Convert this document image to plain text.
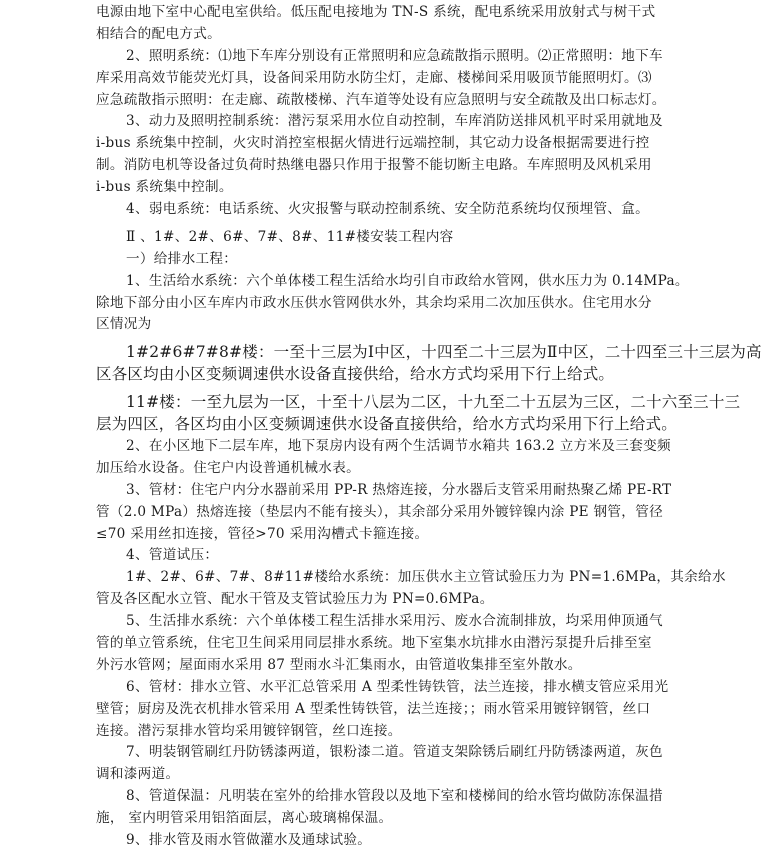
电源由地下室中心配电室供给。低压配电接地为 TN-S 系统，配电系统采用放射式与树干式

相结合的配电方式。

2、照明系统：⑴地下车库分别设有正常照明和应急疏散指示照明。⑵正常照明：地下车

库采用高效节能荧光灯具，设备间采用防水防尘灯，走廊、楼梯间采用吸顶节能照明灯。⑶

应急疏散指示照明：在走廊、疏散楼梯、汽车道等处设有应急照明与安全疏散及出口标志灯。

3、动力及照明控制系统：潜污泵采用水位自动控制，车库消防送排风机平时采用就地及

i-bus 系统集中控制，火灾时消控室根据火情进行远端控制，其它动力设备根据需要进行控

制。消防电机等设备过负荷时热继电器只作用于报警不能切断主电路。车库照明及风机采用

i-bus 系统集中控制。

4、弱电系统：电话系统、火灾报警与联动控制系统、安全防范系统均仅预埋管、盒。

Ⅱ 、1#、2#、6#、7#、8#、11#楼安装工程内容

一）给排水工程：

1、生活给水系统：六个单体楼工程生活给水均引自市政给水管网，供水压力为 0.14MPa。

除地下部分由小区车库内市政水压供水管网供水外，其余均采用二次加压供水。住宅用水分

区情况为

1#2#6#7#8#楼：一至十三层为Ⅰ中区，十四至二十三层为Ⅱ中区，二十四至三十三层为高

区各区均由小区变频调速供水设备直接供给，给水方式均采用下行上给式。

11#楼：一至九层为一区，十至十八层为二区，十九至二十五层为三区，二十六至三十三

层为四区，各区均由小区变频调速供水设备直接供给，给水方式均采用下行上给式。

2、在小区地下二层车库，地下泵房内设有两个生活调节水箱共 163.2 立方米及三套变频

加压给水设备。住宅户内设普通机械水表。

3、管材：住宅户内分水器前采用 PP-R 热熔连接，分水器后支管采用耐热聚乙烯 PE-RT

管（2.0 MPa）热熔连接（垫层内不能有接头），其余部分采用外镀锌镍内涂 PE 钢管，管径

≤70 采用丝扣连接，管径>70 采用沟槽式卡箍连接。

4、管道试压：

1#、2#、6#、7#、8#11#楼给水系统：加压供水主立管试验压力为 PN=1.6MPa，其余给水

管及各区配水立管、配水干管及支管试验压力为 PN=0.6MPa。

5、生活排水系统：六个单体楼工程生活排水采用污、废水合流制排放，均采用伸顶通气

管的单立管系统，住宅卫生间采用同层排水系统。地下室集水坑排水由潜污泵提升后排至室

外污水管网；屋面雨水采用 87 型雨水斗汇集雨水，由管道收集排至室外散水。

6、管材：排水立管、水平汇总管采用 A 型柔性铸铁管，法兰连接，排水横支管应采用光

壁管；厨房及洗衣机排水管采用 A 型柔性铸铁管，法兰连接；；雨水管采用镀锌钢管，丝口

连接。潜污泵排水管均采用镀锌钢管，丝口连接。

7、明装钢管刷红丹防锈漆两道，银粉漆二道。管道支架除锈后刷红丹防锈漆两道，灰色

调和漆两道。

8、管道保温：凡明装在室外的给排水管段以及地下室和楼梯间的给水管均做防冻保温措

施， 室内明管采用铝箔面层，离心玻璃棉保温。

9、排水管及雨水管做灌水及通球试验。
